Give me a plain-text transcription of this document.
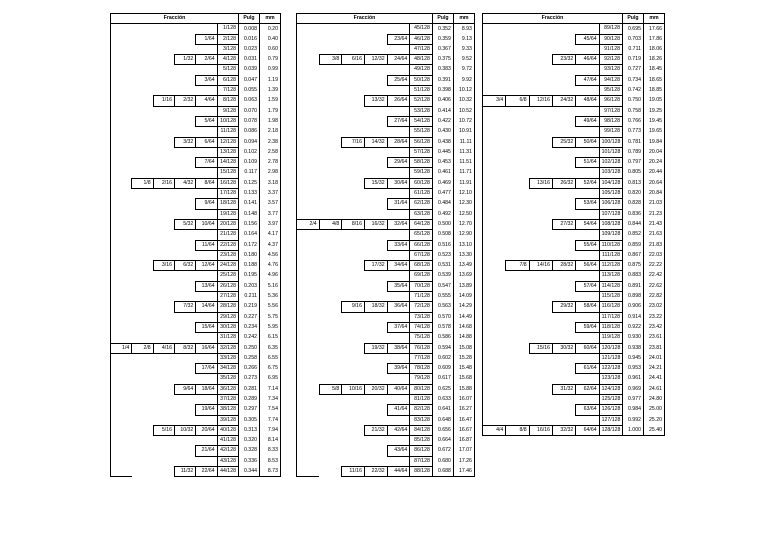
Fracción						Pulg	mm
					1/128	0.008	0.20
				1/64	2/128	0.016	0.40
					3/128	0.023	0.60
			1/32	2/64	4/128	0.031	0.79
					5/128	0.039	0.99
				3/64	6/128	0.047	1.19
					7/128	0.055	1.39
		1/16	2/32	4/64	8/128	0.063	1.59
					9/128	0.070	1.79
				5/64	10/128	0.078	1.98
					11/128	0.086	2.18
			3/32	6/64	12/128	0.094	2.38
					13/128	0.102	2.58
				7/64	14/128	0.109	2.78
					15/128	0.117	2.98
	1/8	2/16	4/32	8/64	16/128	0.125	3.18
					17/128	0.133	3.37
				9/64	18/128	0.141	3.57
					19/128	0.148	3.77
			5/32	10/64	20/128	0.156	3.97
					21/128	0.164	4.17
				11/64	22/128	0.172	4.37
					23/128	0.180	4.56
		3/16	6/32	12/64	24/128	0.188	4.76
					25/128	0.195	4.96
				13/64	26/128	0.203	5.16
					27/128	0.211	5.36
			7/32	14/64	28/128	0.219	5.56
					29/128	0.227	5.75
				15/64	30/128	0.234	5.95
					31/128	0.242	6.15
1/4	2/8	4/16	8/32	16/64	32/128	0.250	6.35
					33/128	0.258	6.55
				17/64	34/128	0.266	6.75
					35/128	0.273	6.95
			9/64	18/64	36/128	0.281	7.14
					37/128	0.289	7.34
				19/64	38/128	0.297	7.54
					39/128	0.305	7.74
		5/16	10/32	20/64	40/128	0.313	7.94
					41/128	0.320	8.14
				21/64	42/128	0.328	8.33
					43/128	0.336	8.53
			11/32	22/64	44/128	0.344	8.73
Fracción						Pulg	mm
					45/128	0.352	8.93
				23/64	46/128	0.359	9.13
					47/128	0.367	9.33
	3/8	6/16	12/32	24/64	48/128	0.375	9.52
					49/128	0.383	9.72
				25/64	50/128	0.391	9.92
					51/128	0.398	10.12
			13/32	26/64	52/128	0.406	10.32
					53/128	0.414	10.52
				27/64	54/128	0.422	10.72
					55/128	0.430	10.91
		7/16	14/32	28/64	56/128	0.438	11.11
					57/128	0.445	11.31
				29/64	58/128	0.453	11.51
					59/128	0.461	11.71
			15/32	30/64	60/128	0.469	11.91
					61/128	0.477	12.10
				31/64	62/128	0.484	12.30
					63/128	0.492	12.50
2/4	4/8	8/16	16/32	32/64	64/128	0.500	12.70
					65/128	0.508	12.90
				33/64	66/128	0.516	13.10
					67/128	0.523	13.30
			17/32	34/64	68/128	0.531	13.49
					69/128	0.539	13.69
				35/64	70/128	0.547	13.89
					71/128	0.555	14.09
		9/16	18/32	36/64	72/128	0.563	14.29
					73/128	0.570	14.49
				37/64	74/128	0.578	14.68
					75/128	0.586	14.88
			19/32	38/64	76/128	0.594	15.08
					77/128	0.602	15.28
				39/64	78/128	0.609	15.48
					79/128	0.617	15.68
	5/8	10/16	20/32	40/64	80/128	0.625	15.88
					81/128	0.633	16.07
				41/64	82/128	0.641	16.27
					83/128	0.648	16.47
			21/32	42/64	84/128	0.656	16.67
					85/128	0.664	16.87
				43/64	86/128	0.672	17.07
					87/128	0.680	17.26
		11/16	22/32	44/64	88/128	0.688	17.46
Fracción						Pulg	mm
					89/128	0.695	17.66
				45/64	90/128	0.703	17.86
					91/128	0.711	18.06
			23/32	46/64	92/128	0.719	18.26
					93/128	0.727	18.45
				47/64	94/128	0.734	18.65
					95/128	0.742	18.85
3/4	6/8	12/16	24/32	48/64	96/128	0.750	19.05
					97/128	0.758	19.25
				49/64	98/128	0.766	19.45
					99/128	0.773	19.65
			25/32	50/64	100/128	0.781	19.84
					101/128	0.789	20.04
				51/64	102/128	0.797	20.24
					103/128	0.805	20.44
		13/16	26/32	52/64	104/128	0.813	20.64
					105/128	0.820	20.84
				53/64	106/128	0.828	21.03
					107/128	0.836	21.23
			27/32	54/64	108/128	0.844	21.43
					109/128	0.852	21.63
				55/64	110/128	0.859	21.83
					111/128	0.867	22.03
	7/8	14/16	28/32	56/64	112/128	0.875	22.22
					113/128	0.883	22.42
				57/64	114/128	0.891	22.62
					115/128	0.898	22.82
			29/32	58/64	116/128	0.906	23.02
					117/128	0.914	23.22
				59/64	118/128	0.922	23.42
					119/128	0.930	23.61
		15/16	30/32	60/64	120/128	0.938	23.81
					121/128	0.945	24.01
				61/64	122/128	0.953	24.21
					123/128	0.961	24.41
			31/32	62/64	124/128	0.969	24.61
					125/128	0.977	24.80
				63/64	126/128	0.984	25.00
					127/128	0.992	25.20
4/4	8/8	16/16	32/32	64/64	128/128	1.000	25.40
